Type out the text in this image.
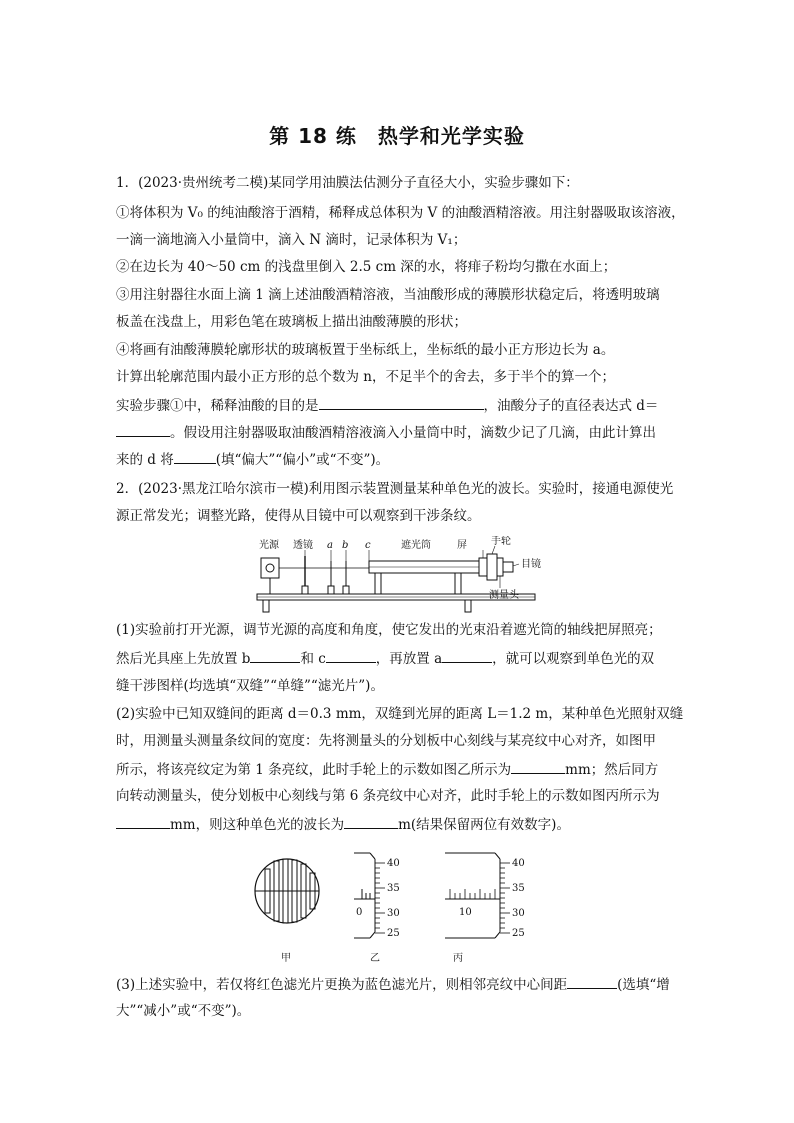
第 18 练　热学和光学实验
1．(2023·贵州统考二模)某同学用油膜法估测分子直径大小，实验步骤如下：
①将体积为 V₀ 的纯油酸溶于酒精，稀释成总体积为 V 的油酸酒精溶液。用注射器吸取该溶液，
一滴一滴地滴入小量筒中，滴入 N 滴时，记录体积为 V₁；
②在边长为 40～50 cm 的浅盘里倒入 2.5 cm 深的水，将痱子粉均匀撒在水面上；
③用注射器往水面上滴 1 滴上述油酸酒精溶液，当油酸形成的薄膜形状稳定后，将透明玻璃
板盖在浅盘上，用彩色笔在玻璃板上描出油酸薄膜的形状；
④将画有油酸薄膜轮廓形状的玻璃板置于坐标纸上，坐标纸的最小正方形边长为 a。
计算出轮廓范围内最小正方形的总个数为 n，不足半个的舍去，多于半个的算一个；
实验步骤①中，稀释油酸的目的是	，油酸分子的直径表达式 d＝
。假设用注射器吸取油酸酒精溶液滴入小量筒中时，滴数少记了几滴，由此计算出
来的 d 将	(填“偏大”“偏小”或“不变”)。
2．(2023·黑龙江哈尔滨市一模)利用图示装置测量某种单色光的波长。实验时，接通电源使光
源正常发光；调整光路，使得从目镜中可以观察到干涉条纹。
光源 透镜 a b c	遮光筒	屏 手轮
目镜
测量头
(1)实验前打开光源，调节光源的高度和角度，使它发出的光束沿着遮光筒的轴线把屏照亮；
然后光具座上先放置 b	和 c	，再放置 a	，就可以观察到单色光的双
缝干涉图样(均选填“双缝”“单缝”“滤光片”)。
(2)实验中已知双缝间的距离 d＝0.3 mm，双缝到光屏的距离 L＝1.2 m，某种单色光照射双缝
时，用测量头测量条纹间的宽度：先将测量头的分划板中心刻线与某亮纹中心对齐，如图甲
所示，将该亮纹定为第 1 条亮纹，此时手轮上的示数如图乙所示为	mm；然后同方
向转动测量头，使分划板中心刻线与第 6 条亮纹中心对齐，此时手轮上的示数如图丙所示为
mm，则这种单色光的波长为	m(结果保留两位有效数字)。
40
35
30
25
0
40
35
30
25
10
甲	乙	丙
(3)上述实验中，若仅将红色滤光片更换为蓝色滤光片，则相邻亮纹中心间距	(选填“增
大”“减小”或“不变”)。
